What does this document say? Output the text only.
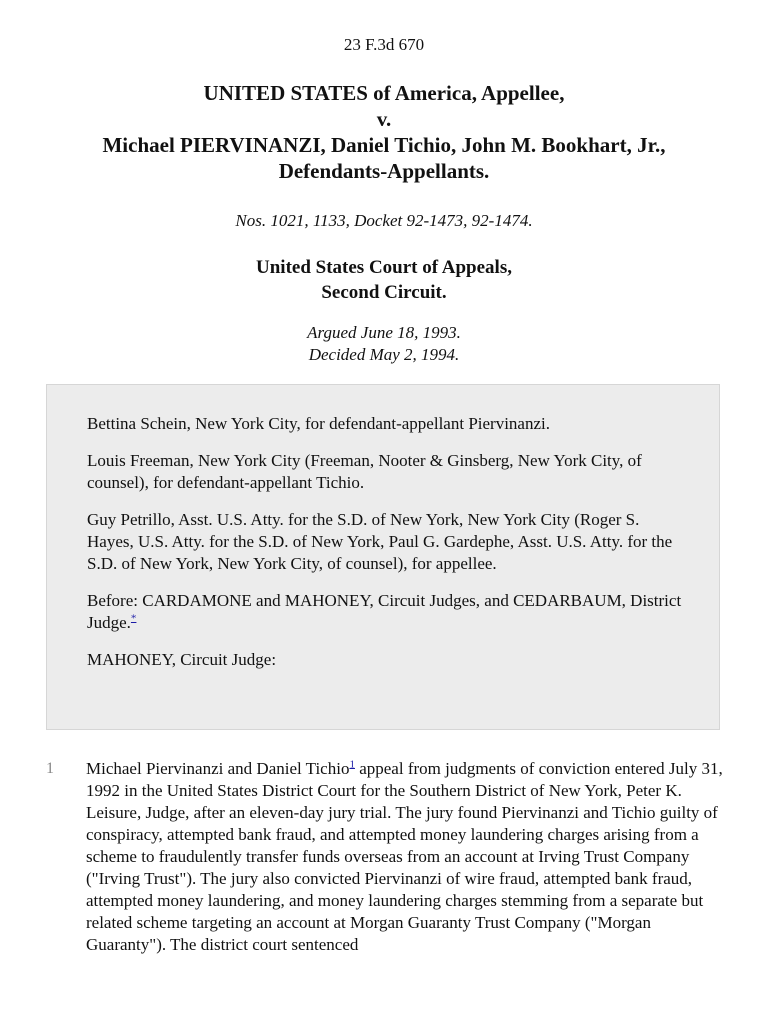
23 F.3d 670
UNITED STATES of America, Appellee,
v.
Michael PIERVINANZI, Daniel Tichio, John M. Bookhart, Jr.,
Defendants-Appellants.
Nos. 1021, 1133, Docket 92-1473, 92-1474.
United States Court of Appeals,
Second Circuit.
Argued June 18, 1993.
Decided May 2, 1994.

Bettina Schein, New York City, for defendant-appellant Piervinanzi.

Louis Freeman, New York City (Freeman, Nooter & Ginsberg, New York City, of counsel), for defendant-appellant Tichio.

Guy Petrillo, Asst. U.S. Atty. for the S.D. of New York, New York City (Roger S. Hayes, U.S. Atty. for the S.D. of New York, Paul G. Gardephe, Asst. U.S. Atty. for the S.D. of New York, New York City, of counsel), for appellee.

Before: CARDAMONE and MAHONEY, Circuit Judges, and CEDARBAUM, District Judge.*

MAHONEY, Circuit Judge:

1 Michael Piervinanzi and Daniel Tichio$^1$ appeal from judgments of conviction entered July 31, 1992 in the United States District Court for the Southern District of New York, Peter K. Leisure, Judge, after an eleven-day jury trial. The jury found Piervinanzi and Tichio guilty of conspiracy, attempted bank fraud, and attempted money laundering charges arising from a scheme to fraudulently transfer funds overseas from an account at Irving Trust Company ("Irving Trust"). The jury also convicted Piervinanzi of wire fraud, attempted bank fraud, attempted money laundering, and money laundering charges stemming from a separate but related scheme targeting an account at Morgan Guaranty Trust Company ("Morgan Guaranty"). The district court sentenced
